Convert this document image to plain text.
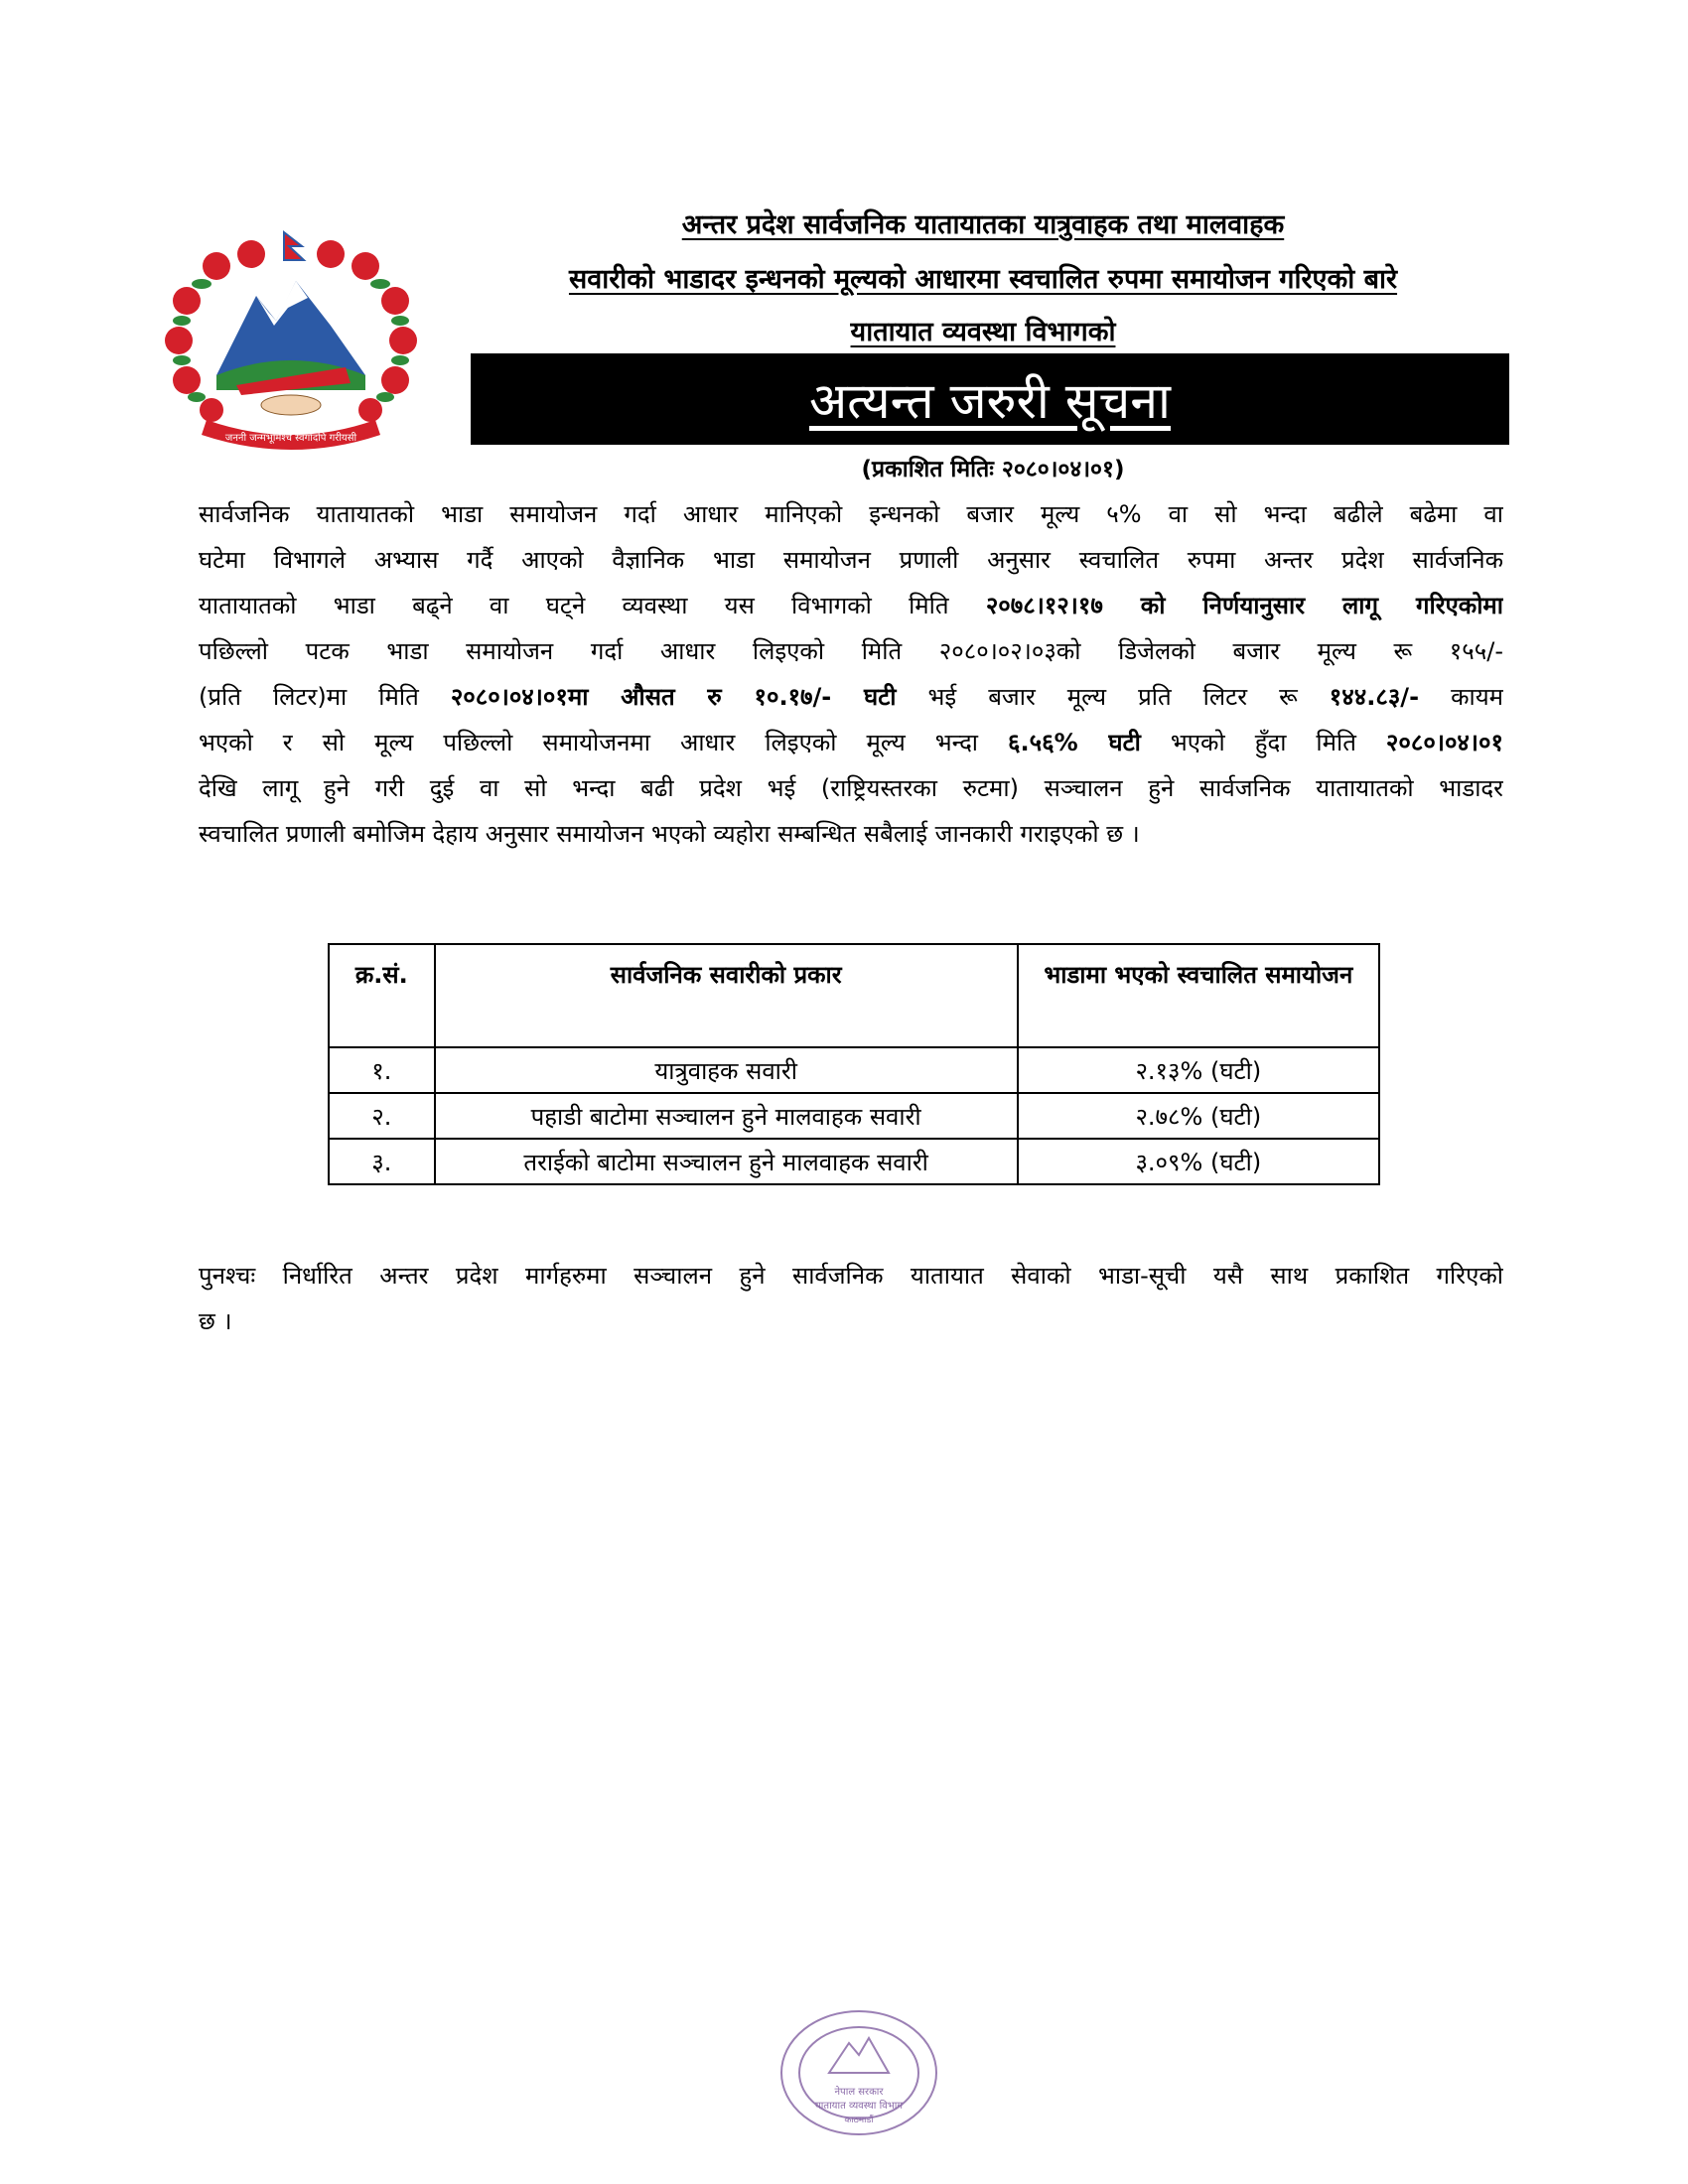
जननी जन्मभूमिश्च स्वर्गादपि गरीयसी
अन्तर प्रदेश सार्वजनिक यातायातका यात्रुवाहक तथा मालवाहक
सवारीको भाडादर इन्धनको मूल्यको आधारमा स्वचालित रुपमा समायोजन गरिएको बारे
यातायात व्यवस्था विभागको
अत्यन्त जरुरी सूचना
(प्रकाशित मितिः २०८०।०४।०१)
सार्वजनिक यातायातको भाडा समायोजन गर्दा आधार मानिएको इन्धनको बजार मूल्य ५% वा सो भन्दा बढीले बढेमा वा
घटेमा विभागले अभ्यास गर्दै आएको वैज्ञानिक भाडा समायोजन प्रणाली अनुसार स्वचालित रुपमा अन्तर प्रदेश सार्वजनिक
यातायातको भाडा बढ्ने वा घट्ने व्यवस्था यस विभागको मिति २०७८।१२।१७ को निर्णयानुसार लागू गरिएकोमा
पछिल्लो पटक भाडा समायोजन गर्दा आधार लिइएको मिति २०८०।०२।०३को डिजेलको बजार मूल्य रू १५५/-
(प्रति लिटर)मा मिति २०८०।०४।०१मा औसत रु १०.१७/- घटी भई बजार मूल्य प्रति लिटर रू १४४.८३/- कायम
भएको र सो मूल्य पछिल्लो समायोजनमा आधार लिइएको मूल्य भन्दा ६.५६% घटी भएको हुँदा मिति २०८०।०४।०१
देखि लागू हुने गरी दुई वा सो भन्दा बढी प्रदेश भई (राष्ट्रियस्तरका रुटमा) सञ्चालन हुने सार्वजनिक यातायातको भाडादर
स्वचालित प्रणाली बमोजिम देहाय अनुसार समायोजन भएको व्यहोरा सम्बन्धित सबैलाई जानकारी गराइएको छ ।
क्र.सं.	सार्वजनिक सवारीको प्रकार	भाडामा भएको स्वचालित समायोजन
१.	यात्रुवाहक सवारी	२.१३% (घटी)
२.	पहाडी बाटोमा सञ्चालन हुने मालवाहक सवारी	२.७८% (घटी)
३.	तराईको बाटोमा सञ्चालन हुने मालवाहक सवारी	३.०९% (घटी)
पुनश्चः निर्धारित अन्तर प्रदेश मार्गहरुमा सञ्चालन हुने सार्वजनिक यातायात सेवाको भाडा-सूची यसै साथ प्रकाशित गरिएको
छ ।
नेपाल सरकार
यातायात व्यवस्था विभाग
काठमाडौं
